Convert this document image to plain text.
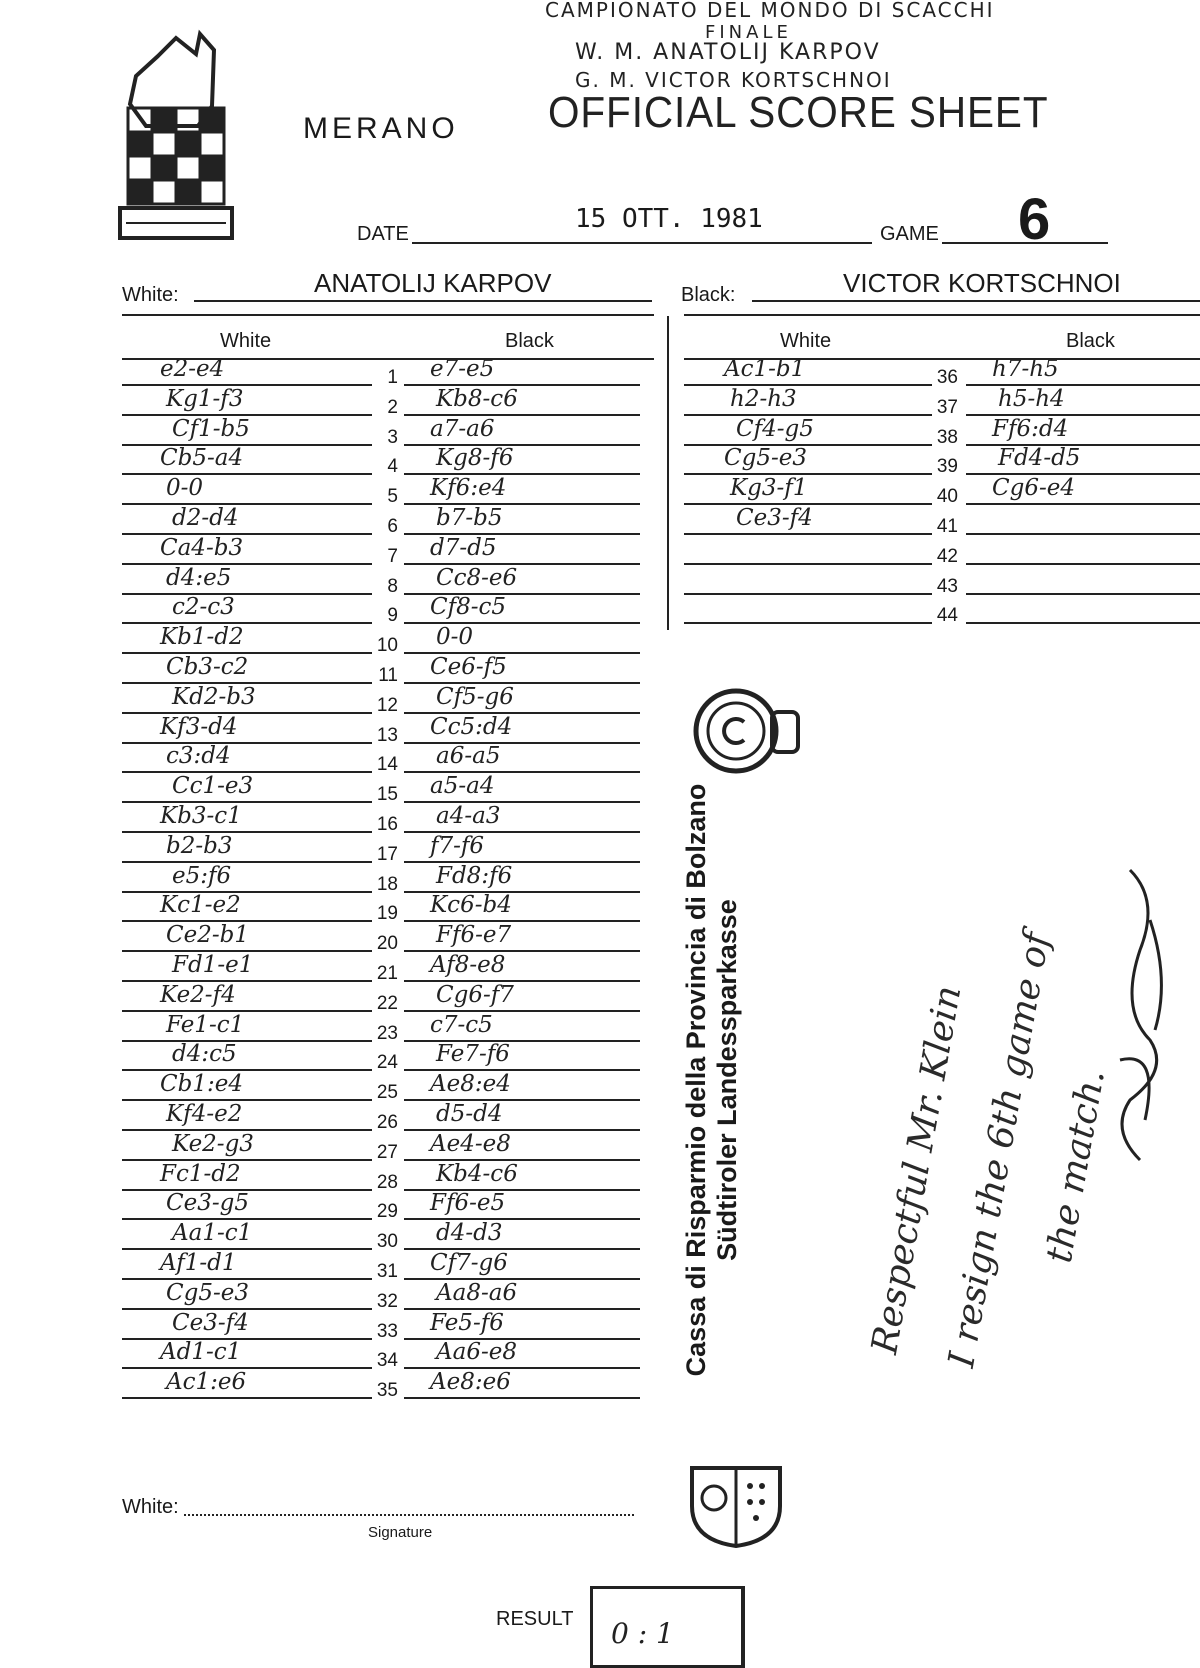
CAMPIONATO DEL MONDO DI SCACCHI
FINALE
W. M. ANATOLIJ KARPOV
G. M. VICTOR KORTSCHNOI
MERANO OFFICIAL SCORE SHEET
DATE	15 OTT. 1981	GAME 6
White:	ANATOLIJ KARPOV	Black:	VICTOR KORTSCHNOI
White	Black	White	Black
1
e2-e4	e7-e5
2
Kg1-f3	Kb8-c6
3
Cf1-b5	a7-a6
4
Cb5-a4	Kg8-f6
5
0-0	Kf6:e4
6
d2-d4	b7-b5
7
Ca4-b3	d7-d5
8
d4:e5	Cc8-e6
9
c2-c3	Cf8-c5
10
Kb1-d2	0-0
11
Cb3-c2	Ce6-f5
12
Kd2-b3	Cf5-g6
13
Kf3-d4	Cc5:d4
14
c3:d4	a6-a5
15
Cc1-e3	a5-a4
16
Kb3-c1	a4-a3
17
b2-b3	f7-f6
18
e5:f6	Fd8:f6
19
Kc1-e2	Kc6-b4
20
Ce2-b1	Ff6-e7
21
Fd1-e1	Af8-e8
22
Ke2-f4	Cg6-f7
23
Fe1-c1	c7-c5
24
d4:c5	Fe7-f6
25
Cb1:e4	Ae8:e4
26
Kf4-e2	d5-d4
27
Ke2-g3	Ae4-e8
28
Fc1-d2	Kb4-c6
29
Ce3-g5	Ff6-e5
30
Aa1-c1	d4-d3
31
Af1-d1	Cf7-g6
32
Cg5-e3	Aa8-a6
33
Ce3-f4	Fe5-f6
34
Ad1-c1	Aa6-e8
35
Ac1:e6	Ae8:e6
36
Ac1-b1	h7-h5
37
h2-h3	h5-h4
38
Cf4-g5	Ff6:d4
39
Cg5-e3	Fd4-d5
40
Kg3-f1	Cg6-e4
41
Ce3-f4
42
43
44
Cassa di Risparmio della Provincia di Bolzano Südtiroler Landessparkasse	Respectful Mr. Klein
I resign the 6th game of
the match.
White:
Signature
RESULT 0 : 1
